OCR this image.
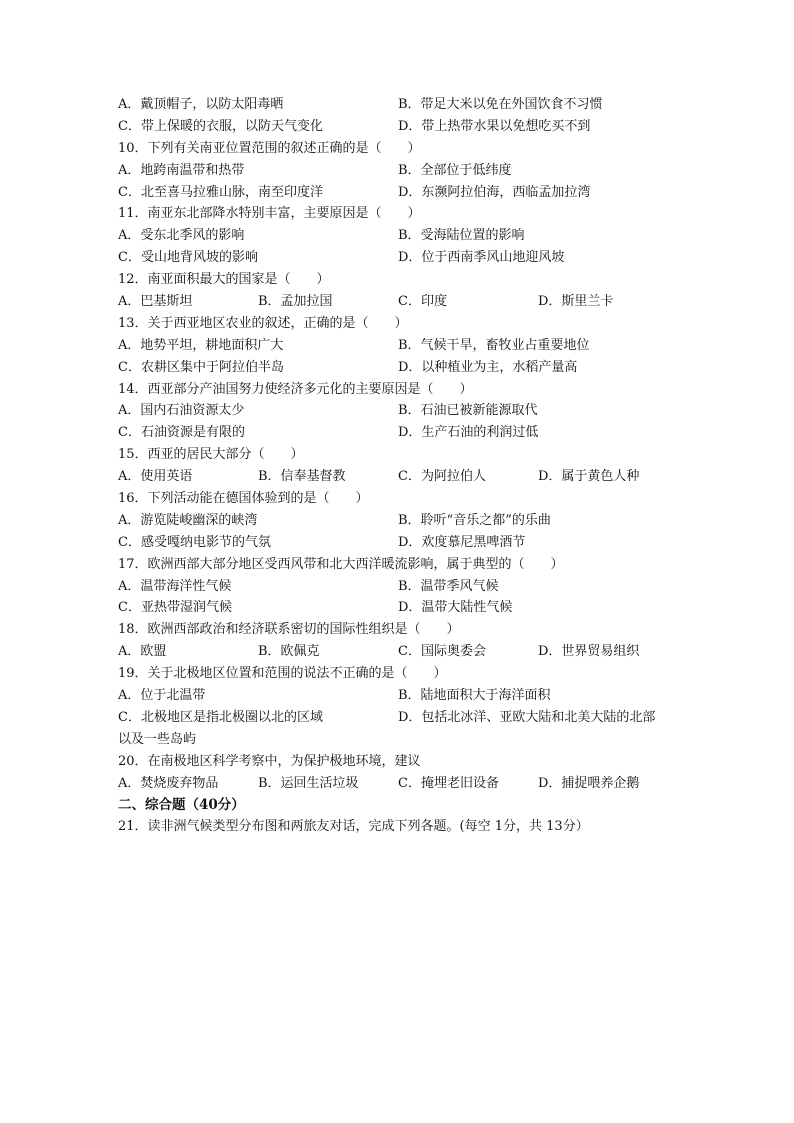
A．戴顶帽子，以防太阳毒晒	B．带足大米以免在外国饮食不习惯
C．带上保暖的衣服，以防天气变化	D．带上热带水果以免想吃买不到
10．下列有关南亚位置范围的叙述正确的是（　　）
A．地跨南温带和热带	B．全部位于低纬度
C．北至喜马拉雅山脉，南至印度洋	D．东濒阿拉伯海，西临孟加拉湾
11．南亚东北部降水特别丰富，主要原因是（　　）
A．受东北季风的影响	B．受海陆位置的影响
C．受山地背风坡的影响	D．位于西南季风山地迎风坡
12．南亚面积最大的国家是（　　）
A．巴基斯坦	B．孟加拉国	C．印度	D．斯里兰卡
13．关于西亚地区农业的叙述，正确的是（　　）
A．地势平坦，耕地面积广大	B．气候干旱，畜牧业占重要地位
C．农耕区集中于阿拉伯半岛	D．以种植业为主，水稻产量高
14．西亚部分产油国努力使经济多元化的主要原因是（　　）
A．国内石油资源太少	B．石油已被新能源取代
C．石油资源是有限的	D．生产石油的利润过低
15．西亚的居民大部分（　　）
A．使用英语	B．信奉基督教	C．为阿拉伯人	D．属于黄色人种
16．下列活动能在德国体验到的是（　　）
A．游览陡峻幽深的峡湾	B．聆听“音乐之都”的乐曲
C．感受嘎纳电影节的气氛	D．欢度慕尼黑啤酒节
17．欧洲西部大部分地区受西风带和北大西洋暖流影响，属于典型的（　　）
A．温带海洋性气候	B．温带季风气候
C．亚热带湿润气候	D．温带大陆性气候
18．欧洲西部政治和经济联系密切的国际性组织是（　　）
A．欧盟	B．欧佩克	C．国际奥委会	D．世界贸易组织
19．关于北极地区位置和范围的说法不正确的是（　　）
A．位于北温带	B．陆地面积大于海洋面积
C．北极地区是指北极圈以北的区域	D．包括北冰洋、亚欧大陆和北美大陆的北部
以及一些岛屿
20．在南极地区科学考察中，为保护极地环境，建议
A．焚烧废弃物品	B．运回生活垃圾	C．掩埋老旧设备	D．捕捉喂养企鹅
二、综合题（40分）
21．读非洲气候类型分布图和两旅友对话，完成下列各题。(每空 1分，共 13分）
